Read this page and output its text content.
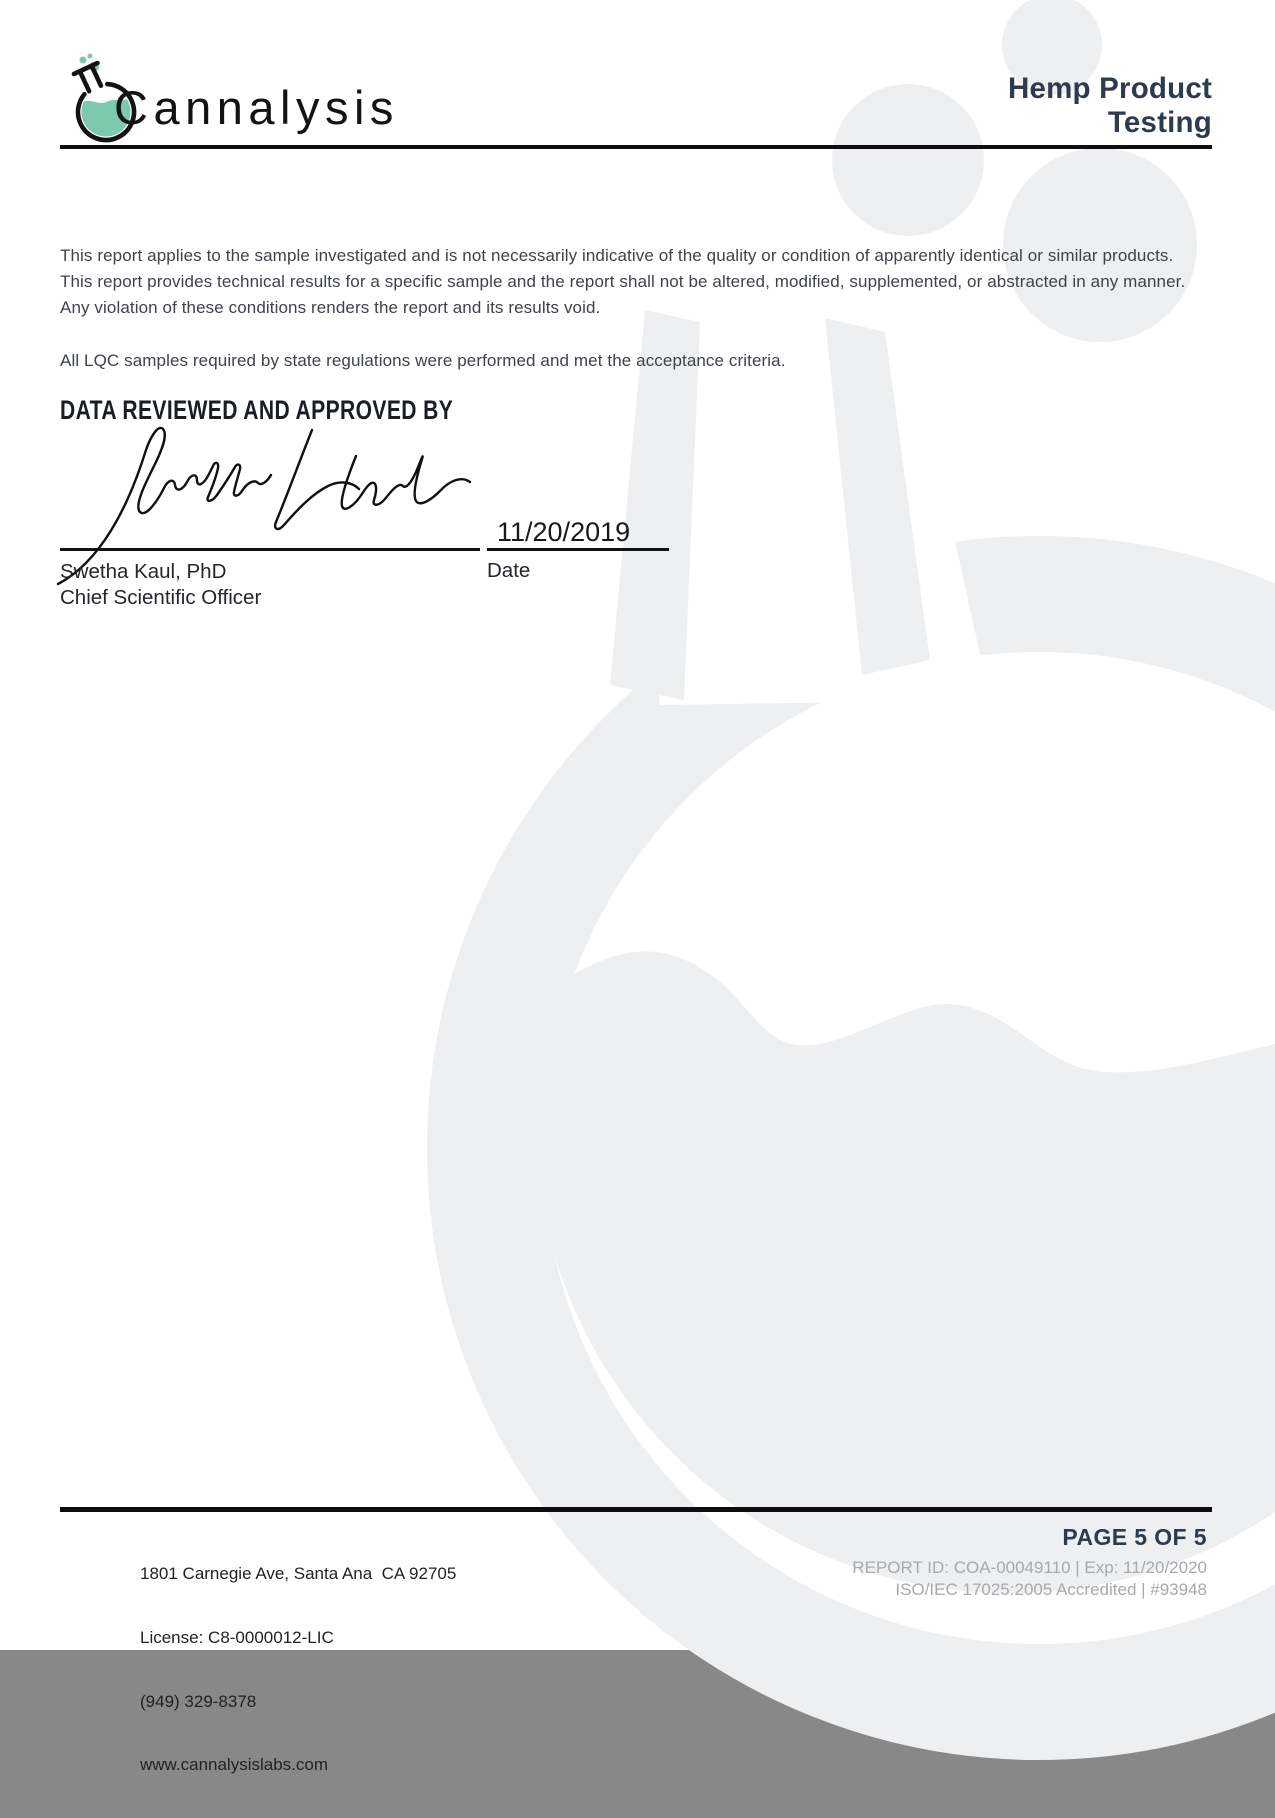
Cannalysis	Hemp Product
Testing
This report applies to the sample investigated and is not necessarily indicative of the quality or condition of apparently identical or similar products.
This report provides technical results for a specific sample and the report shall not be altered, modified, supplemented, or abstracted in any manner.
Any violation of these conditions renders the report and its results void.
All LQC samples required by state regulations were performed and met the acceptance criteria.
DATA REVIEWED AND APPROVED BY
11/20/2019
Swetha Kaul, PhD
Chief Scientific Officer
Date

1801 Carnegie Ave, Santa Ana  CA 92705

License: C8-0000012-LIC

(949) 329-8378

www.cannalysislabs.com

PAGE 5 OF 5
REPORT ID: COA-00049110 | Exp: 11/20/2020
ISO/IEC 17025:2005 Accredited | #93948
